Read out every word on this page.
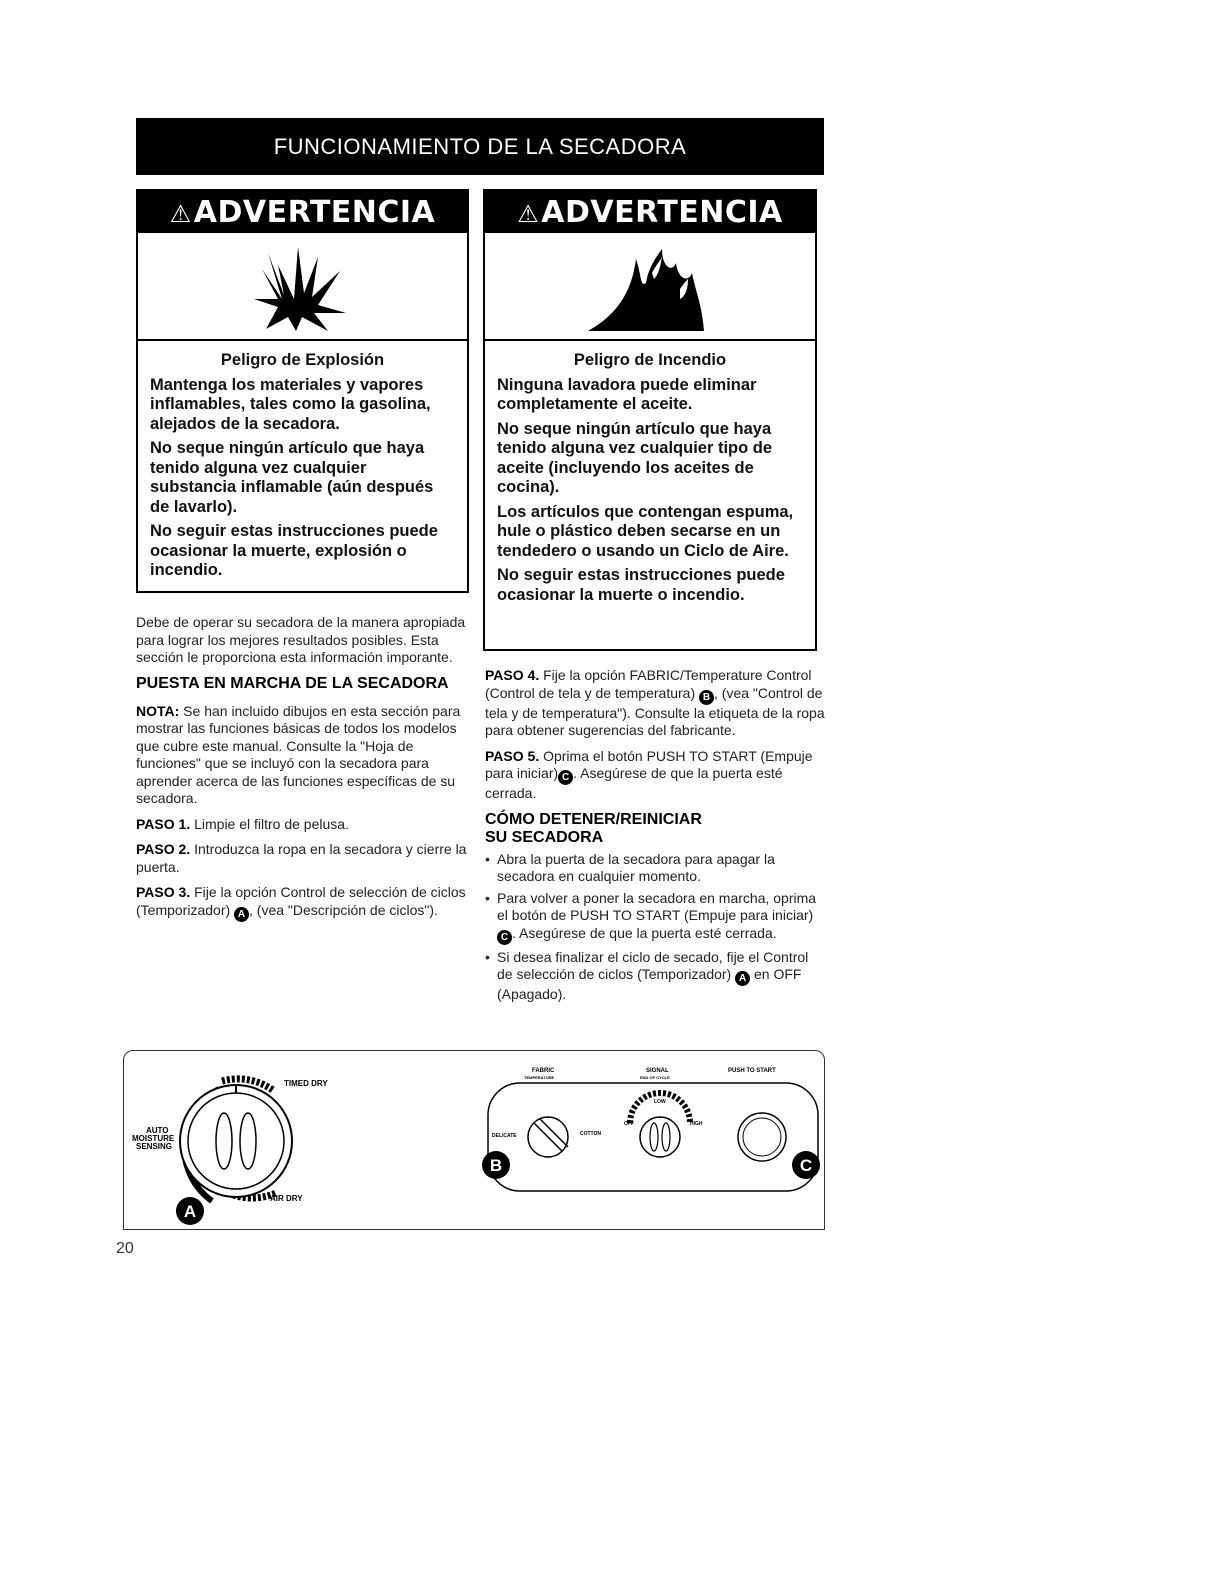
FUNCIONAMIENTO DE LA SECADORA
⚠ADVERTENCIA
Peligro de Explosión

Mantenga los materiales y vapores inflamables, tales como la gasolina, alejados de la secadora.

No seque ningún artículo que haya tenido alguna vez cualquier substancia inflamable (aún después de lavarlo).

No seguir estas instrucciones puede ocasionar la muerte, explosión o incendio.

⚠ADVERTENCIA
Peligro de Incendio

Ninguna lavadora puede eliminar completamente el aceite.

No seque ningún artículo que haya tenido alguna vez cualquier tipo de aceite (incluyendo los aceites de cocina).

Los artículos que contengan espuma, hule o plástico deben secarse en un tendedero o usando un Ciclo de Aire.

No seguir estas instrucciones puede ocasionar la muerte o incendio.

Debe de operar su secadora de la manera apropiada para lograr los mejores resultados posibles. Esta sección le proporciona esta información imporante.

PUESTA EN MARCHA DE LA SECADORA

NOTA: Se han incluido dibujos en esta sección para mostrar las funciones básicas de todos los modelos que cubre este manual. Consulte la "Hoja de funciones" que se incluyó con la secadora para aprender acerca de las funciones específicas de su secadora.

PASO 1. Limpie el filtro de pelusa.

PASO 2. Introduzca la ropa en la secadora y cierre la puerta.

PASO 3. Fije la opción Control de selección de ciclos (Temporizador) A , (vea "Descripción de ciclos").

PASO 4. Fije la opción FABRIC/Temperature Control (Control de tela y de temperatura) B , (vea "Control de tela y de temperatura"). Consulte la etiqueta de la ropa para obtener sugerencias del fabricante.

PASO 5. Oprima el botón PUSH TO START (Empuje para iniciar) C . Asegúrese de que la puerta esté cerrada.

CÓMO DETENER/REINICIAR
SU SECADORA
• Abra la puerta de la secadora para apagar la secadora en cualquier momento.
• Para volver a poner la secadora en marcha, oprima el botón de PUSH TO START (Empuje para iniciar) C . Asegúrese de que la puerta esté cerrada.
• Si desea finalizar el ciclo de secado, fije el Control de selección de ciclos (Temporizador) A en OFF (Apagado).
TIMED DRY
AIR DRY
AUTO
MOISTURE
SENSING
A
FABRIC
TEMPERATURE
SIGNAL
END OF CYCLE
PUSH TO START
DELICATE	COTTON
LOW
OFF	HIGH
B	C
20
